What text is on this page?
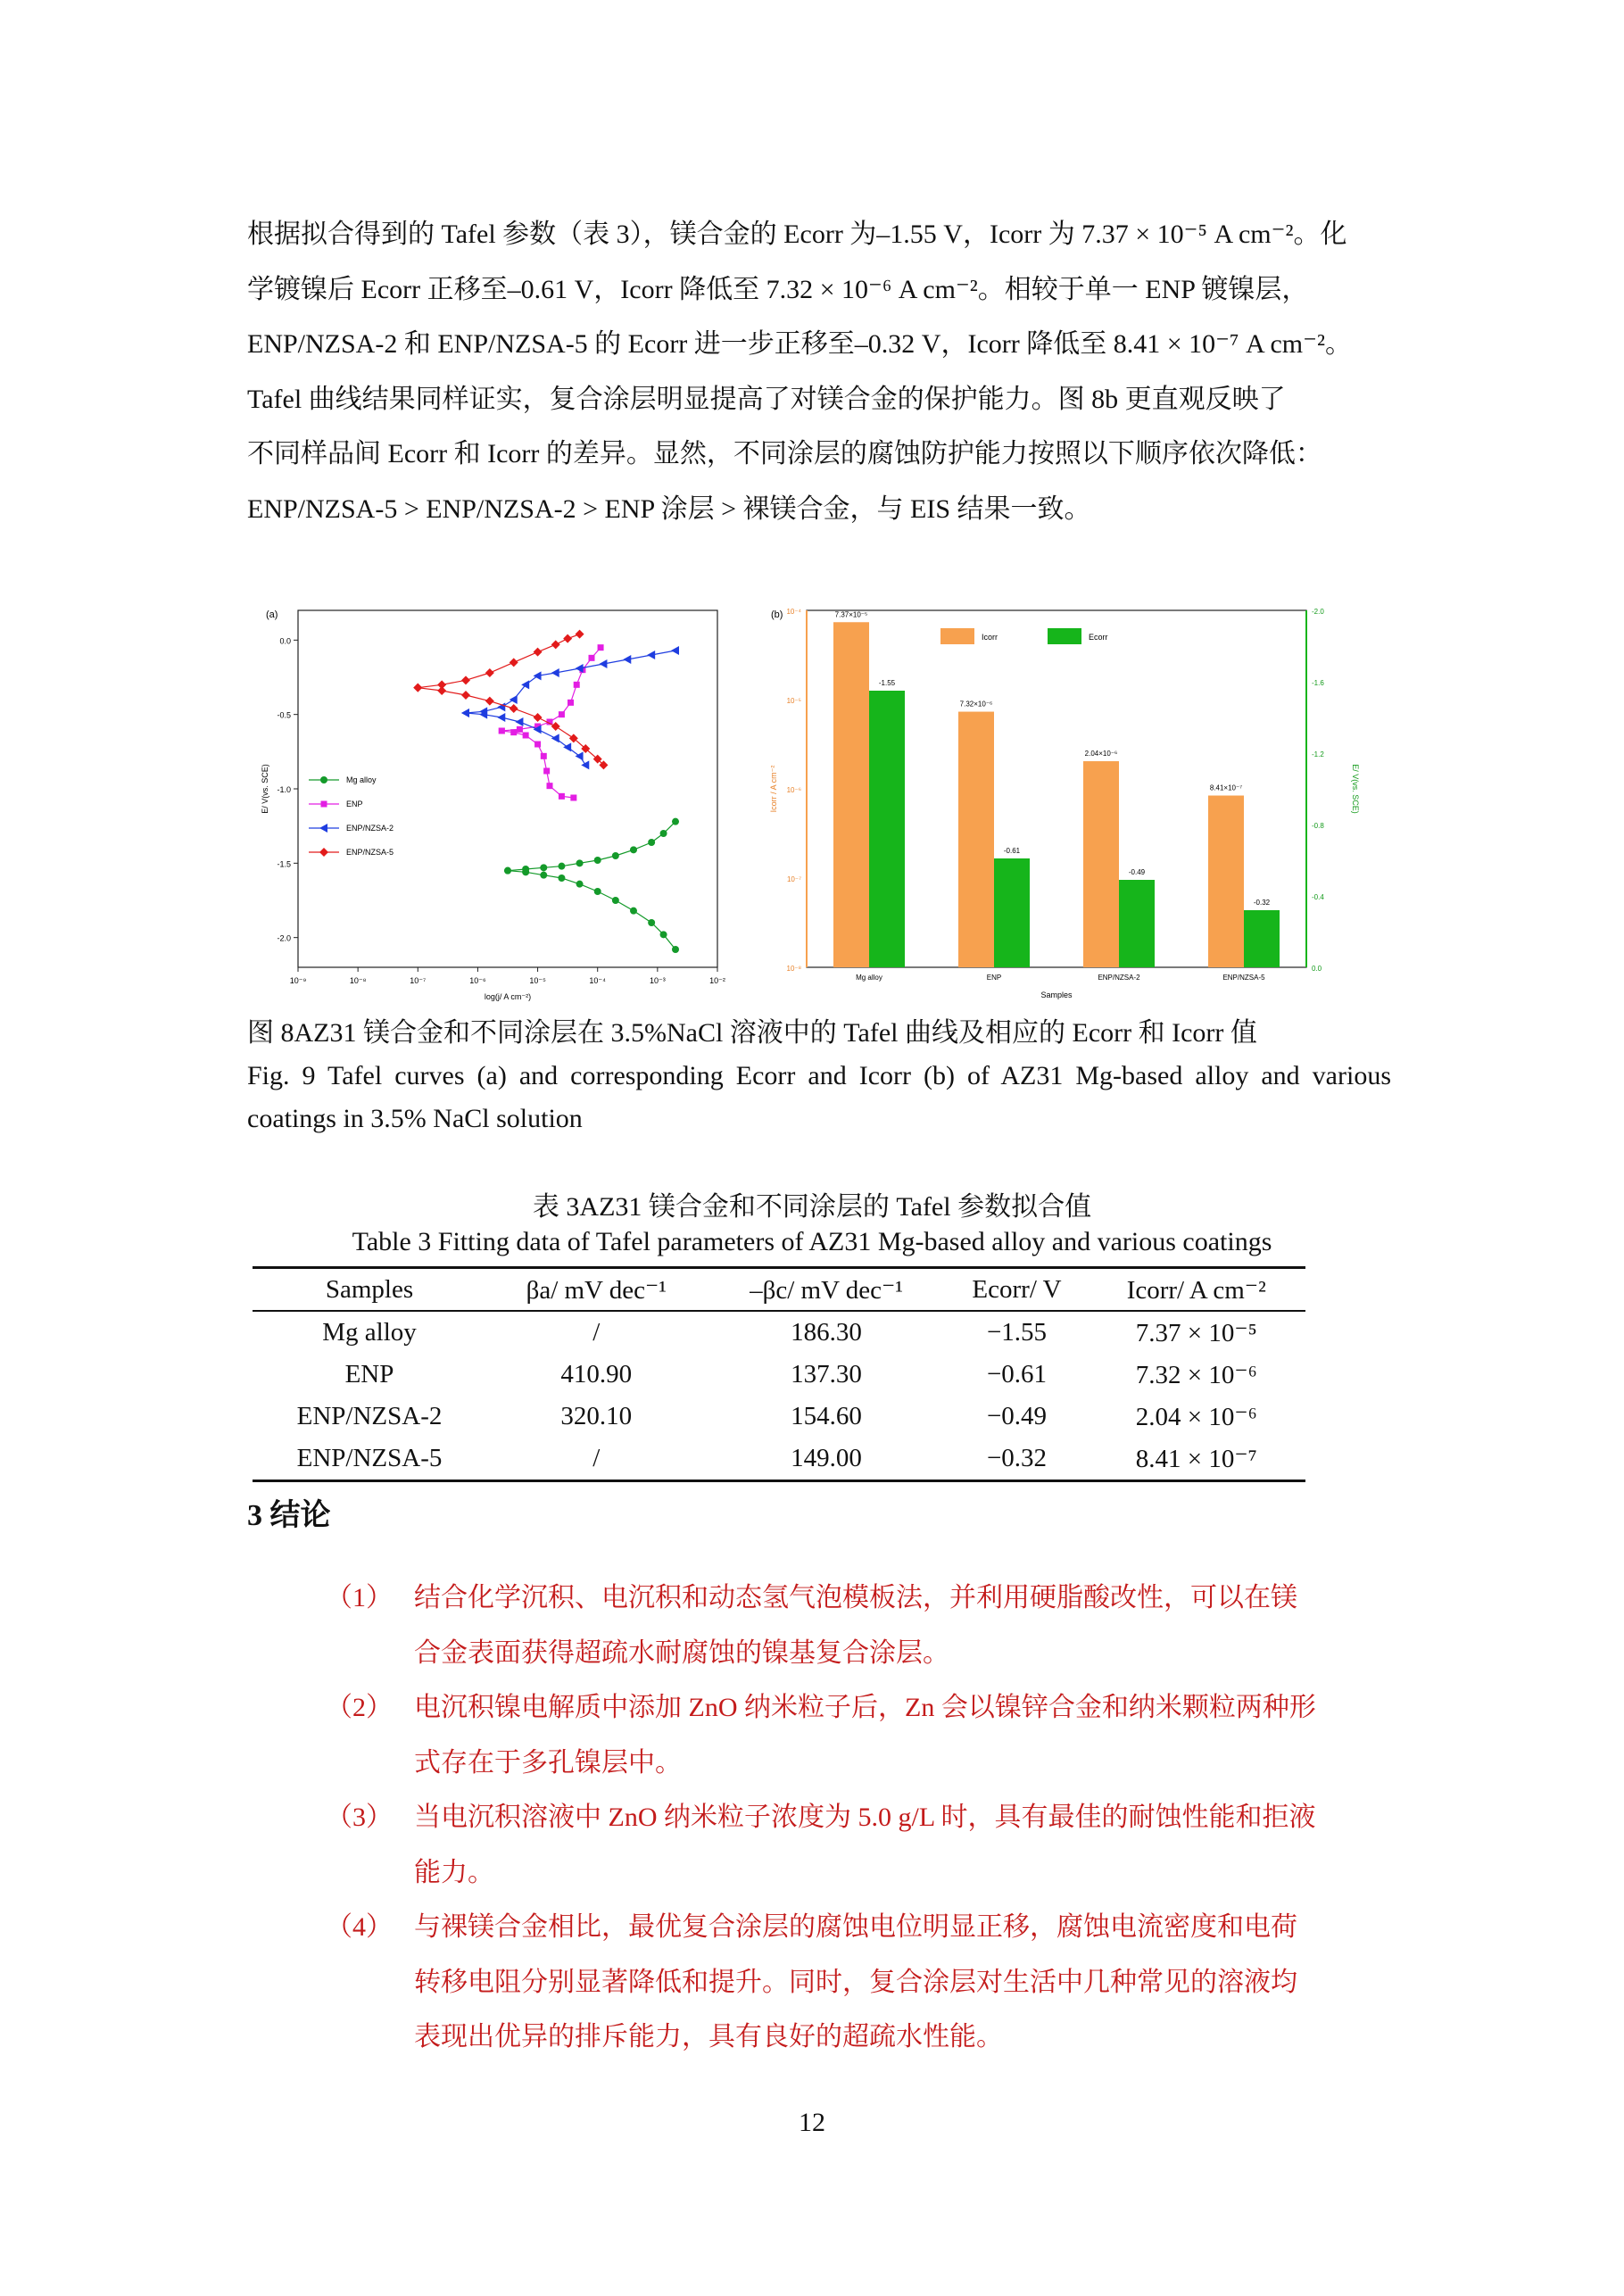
根据拟合得到的 Tafel 参数（表 3），镁合金的 Ecorr 为–1.55 V，Icorr 为 7.37 × 10⁻⁵ A cm⁻²。化
学镀镍后 Ecorr 正移至–0.61 V，Icorr 降低至 7.32 × 10⁻⁶ A cm⁻²。相较于单一 ENP 镀镍层，
ENP/NZSA-2 和 ENP/NZSA-5 的 Ecorr 进一步正移至–0.32 V，Icorr 降低至 8.41 × 10⁻⁷ A cm⁻²。
Tafel 曲线结果同样证实，复合涂层明显提高了对镁合金的保护能力。图 8b 更直观反映了
不同样品间 Ecorr 和 Icorr 的差异。显然，不同涂层的腐蚀防护能力按照以下顺序依次降低：
ENP/NZSA-5 > ENP/NZSA-2 > ENP 涂层 > 裸镁合金，与 EIS 结果一致。
(a)
10⁻⁹	10⁻⁸	10⁻⁷	10⁻⁶	10⁻⁵	10⁻⁴	10⁻³	10⁻²
0.0
-0.5
-1.0
-1.5
-2.0
log(j/ A cm⁻²)
E/ V(vs. SCE)	Mg alloy
ENP
ENP/NZSA-2
ENP/NZSA-5
(b) 10⁻⁴
10⁻⁵
10⁻⁶
10⁻⁷
10⁻⁸
-2.0
-1.6
-1.2
-0.8
-0.4
0.0
Icorr / A cm⁻²	E/ V(vs. SCE)
Samples
7.37×10⁻⁵
-1.55
Mg alloy
7.32×10⁻⁶
-0.61
ENP
2.04×10⁻⁶
-0.49
ENP/NZSA-2
8.41×10⁻⁷
-0.32
ENP/NZSA-5
Icorr	Ecorr
图 8AZ31 镁合金和不同涂层在 3.5%NaCl 溶液中的 Tafel 曲线及相应的 Ecorr 和 Icorr 值
Fig. 9 Tafel curves (a) and corresponding Ecorr and Icorr (b) of AZ31 Mg-based alloy and various coatings in 3.5% NaCl solution
表 3AZ31 镁合金和不同涂层的 Tafel 参数拟合值
Table 3 Fitting data of Tafel parameters of AZ31 Mg-based alloy and various coatings
Samples	βa/ mV dec⁻¹	–βc/ mV dec⁻¹	Ecorr/ V	Icorr/ A cm⁻²
Mg alloy	/	186.30	−1.55	7.37 × 10⁻⁵
ENP	410.90	137.30	−0.61	7.32 × 10⁻⁶
ENP/NZSA-2	320.10	154.60	−0.49	2.04 × 10⁻⁶
ENP/NZSA-5	/	149.00	−0.32	8.41 × 10⁻⁷
3 结论
（1） 结合化学沉积、电沉积和动态氢气泡模板法，并利用硬脂酸改性，可以在镁
合金表面获得超疏水耐腐蚀的镍基复合涂层。
（2） 电沉积镍电解质中添加 ZnO 纳米粒子后，Zn 会以镍锌合金和纳米颗粒两种形
式存在于多孔镍层中。
（3） 当电沉积溶液中 ZnO 纳米粒子浓度为 5.0 g/L 时，具有最佳的耐蚀性能和拒液
能力。
（4） 与裸镁合金相比，最优复合涂层的腐蚀电位明显正移，腐蚀电流密度和电荷
转移电阻分别显著降低和提升。同时，复合涂层对生活中几种常见的溶液均
表现出优异的排斥能力，具有良好的超疏水性能。
12
